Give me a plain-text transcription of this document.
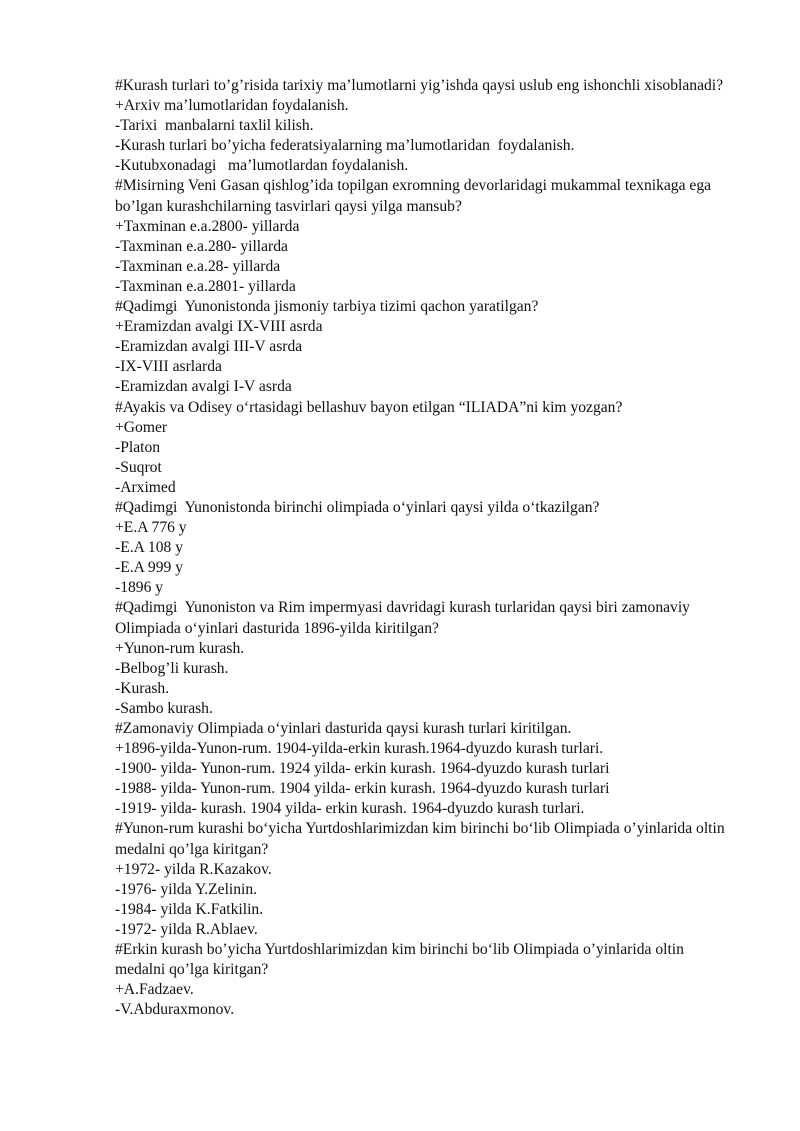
#Kurash turlari to’g’risida tarixiy ma’lumotlarni yig’ishda qaysi uslub eng ishonchli xisoblanadi?

+Arxiv ma’lumotlaridan foydalanish.

-Tarixi  manbalarni taxlil kilish.

-Kurash turlari bo’yicha federatsiyalarning ma’lumotlaridan  foydalanish.

-Kutubxonadagi   ma’lumotlardan foydalanish.

#Misirning Veni Gasan qishlog’ida topilgan exromning devorlaridagi mukammal texnikaga ega bo’lgan kurashchilarning tasvirlari qaysi yilga mansub?

+Taxminan e.a.2800- yillarda

-Taxminan e.a.280- yillarda

-Taxminan e.a.28- yillarda

-Taxminan e.a.2801- yillarda

#Qadimgi  Yunonistonda jismoniy tarbiya tizimi qachon yaratilgan?

+Eramizdan avalgi IX-VIII asrda

-Eramizdan avalgi III-V asrda

-IX-VIII asrlarda

-Eramizdan avalgi I-V asrda

#Ayakis va Odisey o‘rtasidagi bellashuv bayon etilgan “ILIADA”ni kim yozgan?

+Gomer

-Platon

-Suqrot

-Arximed

#Qadimgi  Yunonistonda birinchi olimpiada o‘yinlari qaysi yilda o‘tkazilgan?

+E.A 776 y

-E.A 108 y

-E.A 999 y

-1896 y

#Qadimgi  Yunoniston va Rim impermyasi davridagi kurash turlaridan qaysi biri zamonaviy Olimpiada o‘yinlari dasturida 1896-yilda kiritilgan?

+Yunon-rum kurash.

-Belbog’li kurash.

-Kurash.

-Sambo kurash.

#Zamonaviy Olimpiada o‘yinlari dasturida qaysi kurash turlari kiritilgan.

+1896-yilda-Yunon-rum. 1904-yilda-erkin kurash.1964-dyuzdo kurash turlari.

-1900- yilda- Yunon-rum. 1924 yilda- erkin kurash. 1964-dyuzdo kurash turlari

-1988- yilda- Yunon-rum. 1904 yilda- erkin kurash. 1964-dyuzdo kurash turlari

-1919- yilda- kurash. 1904 yilda- erkin kurash. 1964-dyuzdo kurash turlari.

#Yunon-rum kurashi bo‘yicha Yurtdoshlarimizdan kim birinchi bo‘lib Olimpiada o’yinlarida oltin medalni qo’lga kiritgan?

+1972- yilda R.Kazakov.

-1976- yilda Y.Zelinin.

-1984- yilda K.Fatkilin.

-1972- yilda R.Ablaev.

#Erkin kurash bo’yicha Yurtdoshlarimizdan kim birinchi bo‘lib Olimpiada o’yinlarida oltin medalni qo’lga kiritgan?

+A.Fadzaev.

-V.Abduraxmonov.
